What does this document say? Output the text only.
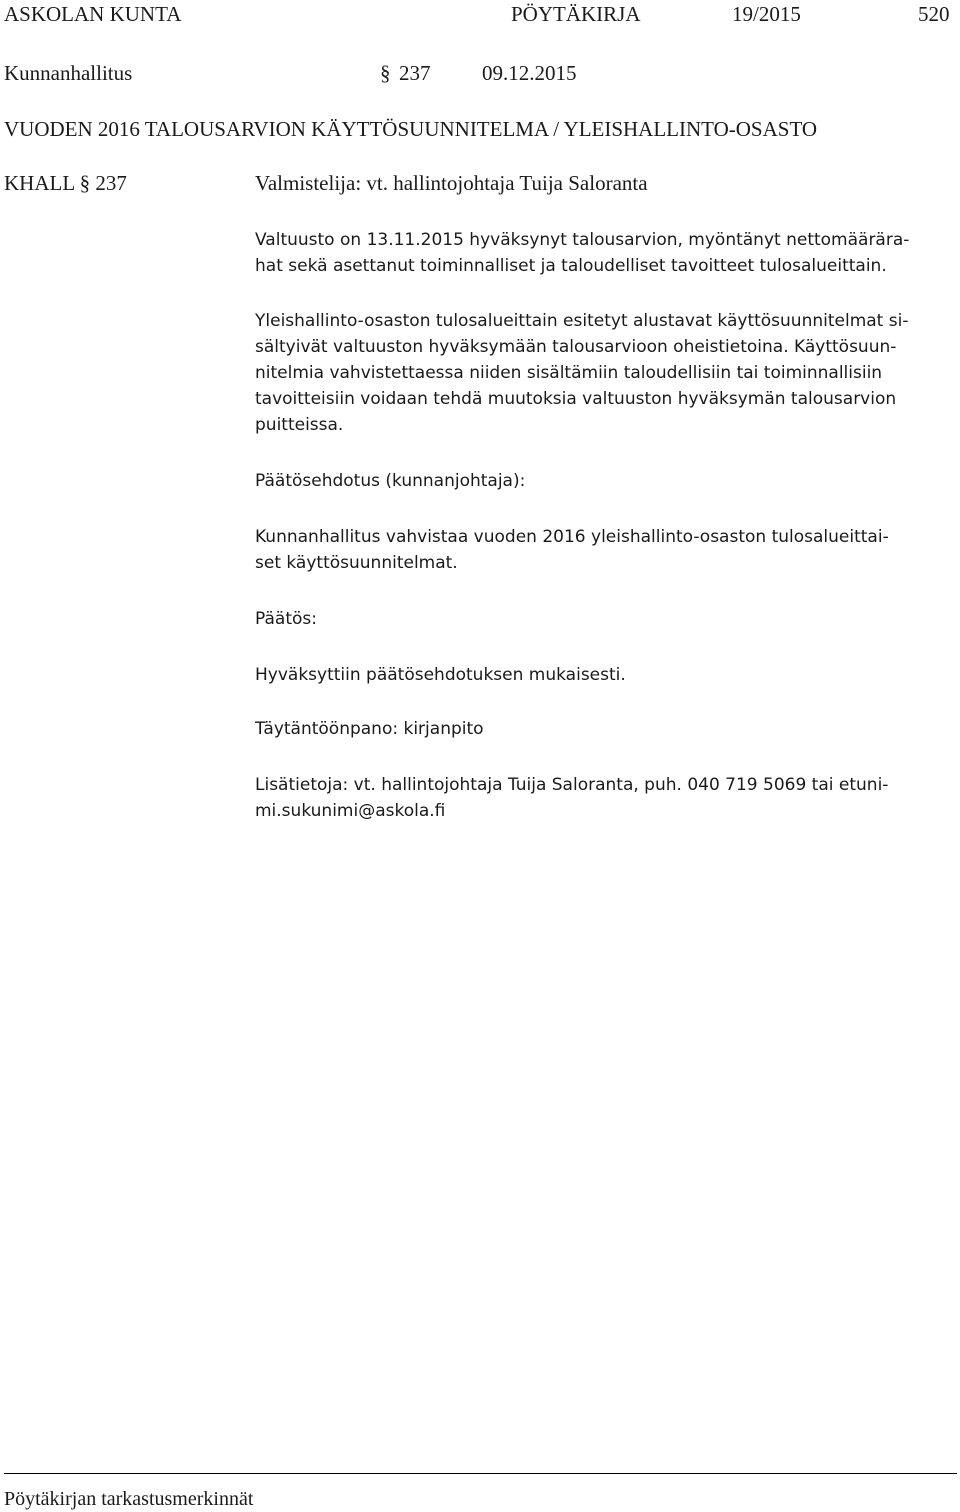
ASKOLAN KUNTA	PÖYTÄKIRJA	19/2015	520
Kunnanhallitus	§ 237 09.12.2015
VUODEN 2016 TALOUSARVION KÄYTTÖSUUNNITELMA / YLEISHALLINTO-OSASTO
KHALL § 237	Valmistelija: vt. hallintojohtaja Tuija Saloranta
Valtuusto on 13.11.2015 hyväksynyt talousarvion, myöntänyt nettomäärära-
hat sekä asettanut toiminnalliset ja taloudelliset tavoitteet tulosalueittain.
Yleishallinto-osaston tulosalueittain esitetyt alustavat käyttösuunnitelmat si-
sältyivät valtuuston hyväksymään talousarvioon oheistietoina. Käyttösuun-
nitelmia vahvistettaessa niiden sisältämiin taloudellisiin tai toiminnallisiin
tavoitteisiin voidaan tehdä muutoksia valtuuston hyväksymän talousarvion
puitteissa.
Päätösehdotus (kunnanjohtaja):
Kunnanhallitus vahvistaa vuoden 2016 yleishallinto-osaston tulosalueittai-
set käyttösuunnitelmat.
Päätös:
Hyväksyttiin päätösehdotuksen mukaisesti.
Täytäntöönpano: kirjanpito
Lisätietoja: vt. hallintojohtaja Tuija Saloranta, puh. 040 719 5069 tai etuni-
mi.sukunimi@askola.fi
Pöytäkirjan tarkastusmerkinnät
